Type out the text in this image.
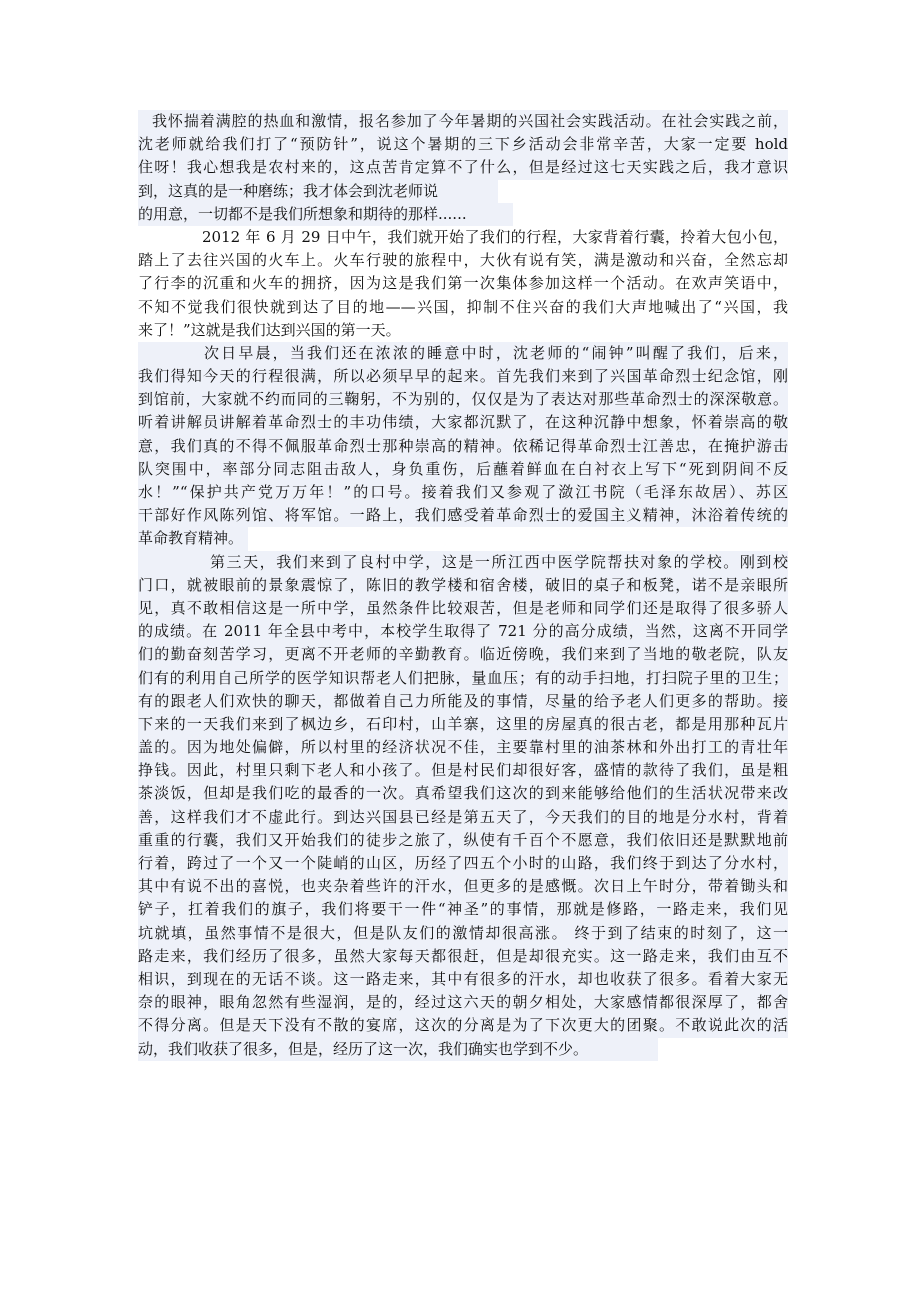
我怀揣着满腔的热血和激情，报名参加了今年暑期的兴国社会实践活动。在社会实践之前，
沈老师就给我们打了“预防针”，说这个暑期的三下乡活动会非常辛苦，大家一定要 hold
住呀！我心想我是农村来的，这点苦肯定算不了什么，但是经过这七天实践之后，我才意识
到，这真的是一种磨练；我才体会到沈老师说
的用意，一切都不是我们所想象和期待的那样......
2012 年 6 月 29 日中午，我们就开始了我们的行程，大家背着行囊，拎着大包小包，
踏上了去往兴国的火车上。火车行驶的旅程中，大伙有说有笑，满是激动和兴奋，全然忘却
了行李的沉重和火车的拥挤，因为这是我们第一次集体参加这样一个活动。在欢声笑语中，
不知不觉我们很快就到达了目的地——兴国，抑制不住兴奋的我们大声地喊出了“兴国，我
来了！”这就是我们达到兴国的第一天。
次日早晨，当我们还在浓浓的睡意中时，沈老师的“闹钟”叫醒了我们，后来，
我们得知今天的行程很满，所以必须早早的起来。首先我们来到了兴国革命烈士纪念馆，刚
到馆前，大家就不约而同的三鞠躬，不为别的，仅仅是为了表达对那些革命烈士的深深敬意。
听着讲解员讲解着革命烈士的丰功伟绩，大家都沉默了，在这种沉静中想象，怀着崇高的敬
意，我们真的不得不佩服革命烈士那种崇高的精神。依稀记得革命烈士江善忠，在掩护游击
队突围中，率部分同志阻击敌人，身负重伤，后蘸着鲜血在白衬衣上写下“死到阴间不反
水！”“保护共产党万万年！”的口号。接着我们又参观了潋江书院（毛泽东故居）、苏区
干部好作风陈列馆、将军馆。一路上，我们感受着革命烈士的爱国主义精神，沐浴着传统的
革命教育精神。
第三天，我们来到了良村中学，这是一所江西中医学院帮扶对象的学校。刚到校
门口，就被眼前的景象震惊了，陈旧的教学楼和宿舍楼，破旧的桌子和板凳，诺不是亲眼所
见，真不敢相信这是一所中学，虽然条件比较艰苦，但是老师和同学们还是取得了很多骄人
的成绩。在 2011 年全县中考中，本校学生取得了 721 分的高分成绩，当然，这离不开同学
们的勤奋刻苦学习，更离不开老师的辛勤教育。临近傍晚，我们来到了当地的敬老院，队友
们有的利用自己所学的医学知识帮老人们把脉，量血压；有的动手扫地，打扫院子里的卫生；
有的跟老人们欢快的聊天，都做着自己力所能及的事情，尽量的给予老人们更多的帮助。接
下来的一天我们来到了枫边乡，石印村，山羊寨，这里的房屋真的很古老，都是用那种瓦片
盖的。因为地处偏僻，所以村里的经济状况不佳，主要靠村里的油茶林和外出打工的青壮年
挣钱。因此，村里只剩下老人和小孩了。但是村民们却很好客，盛情的款待了我们，虽是粗
茶淡饭，但却是我们吃的最香的一次。真希望我们这次的到来能够给他们的生活状况带来改
善，这样我们才不虚此行。到达兴国县已经是第五天了，今天我们的目的地是分水村，背着
重重的行囊，我们又开始我们的徒步之旅了，纵使有千百个不愿意，我们依旧还是默默地前
行着，跨过了一个又一个陡峭的山区，历经了四五个小时的山路，我们终于到达了分水村，
其中有说不出的喜悦，也夹杂着些许的汗水，但更多的是感慨。次日上午时分，带着锄头和
铲子，扛着我们的旗子，我们将要干一件“神圣”的事情，那就是修路，一路走来，我们见
坑就填，虽然事情不是很大，但是队友们的激情却很高涨。 终于到了结束的时刻了，这一
路走来，我们经历了很多，虽然大家每天都很赶，但是却很充实。这一路走来，我们由互不
相识，到现在的无话不谈。这一路走来，其中有很多的汗水，却也收获了很多。看着大家无
奈的眼神，眼角忽然有些湿润，是的，经过这六天的朝夕相处，大家感情都很深厚了，都舍
不得分离。但是天下没有不散的宴席，这次的分离是为了下次更大的团聚。不敢说此次的活
动，我们收获了很多，但是，经历了这一次，我们确实也学到不少。
